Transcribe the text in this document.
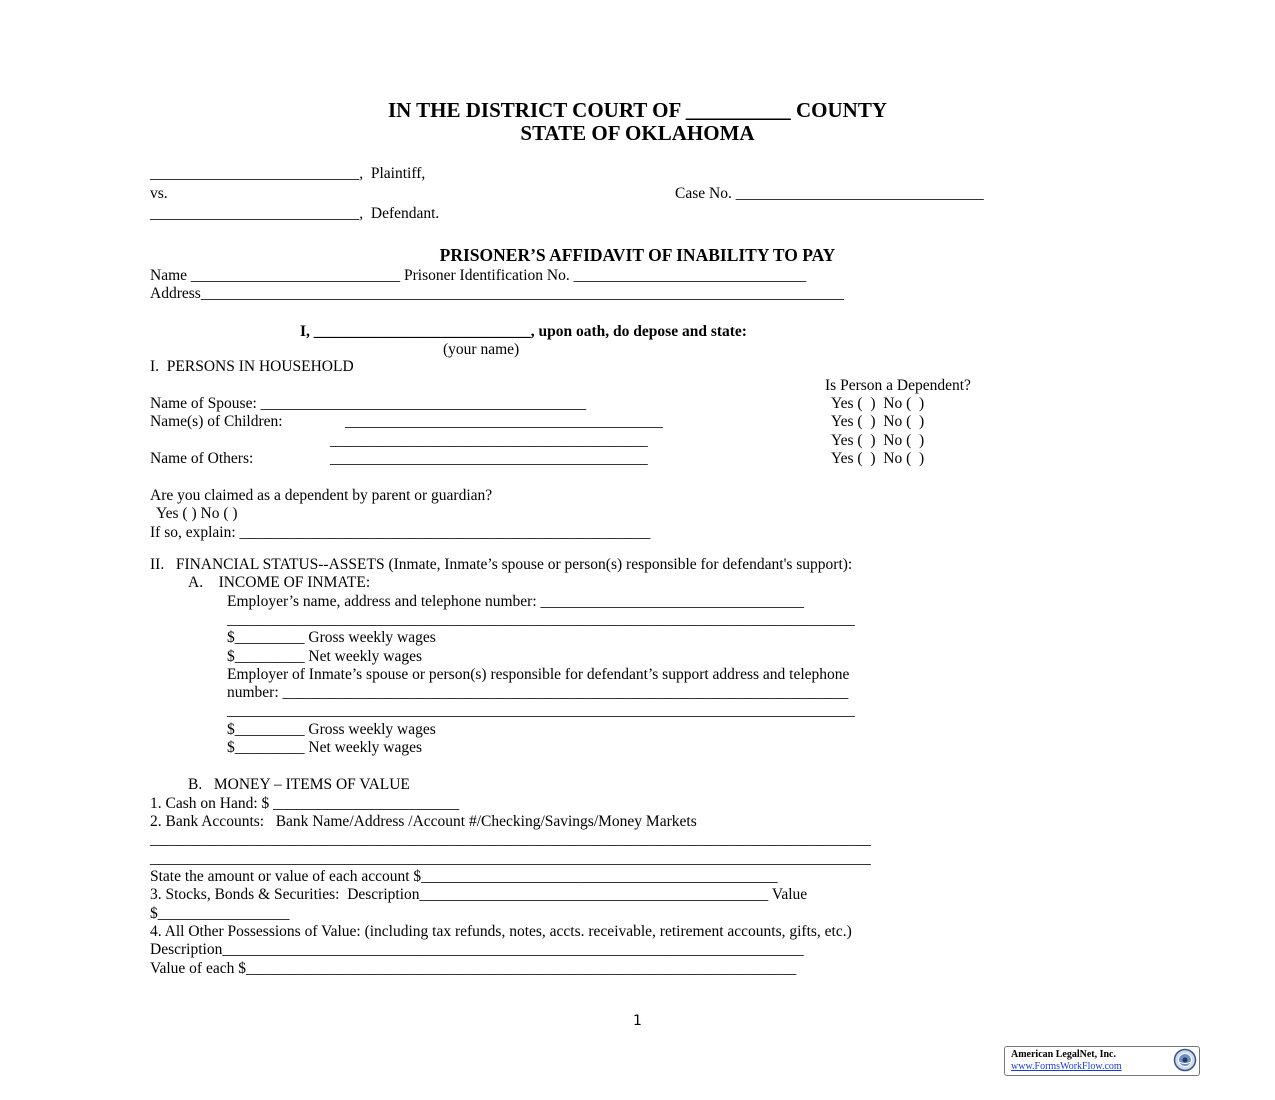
IN THE DISTRICT COURT OF __________ COUNTY
STATE OF OKLAHOMA
___________________________,  Plaintiff,
vs.	Case No. ________________________________
___________________________,  Defendant.
PRISONER’S AFFIDAVIT OF INABILITY TO PAY
Name ___________________________ Prisoner Identification No. ______________________________
Address___________________________________________________________________________________
I, ____________________________, upon oath, do depose and state:
(your name)
I.  PERSONS IN HOUSEHOLD
Is Person a Dependent?
Name of Spouse: __________________________________________	Yes (  )  No (  )
Name(s) of Children:	_________________________________________	Yes (  )  No (  )
_________________________________________	Yes (  )  No (  )
Name of Others:	_________________________________________	Yes (  )  No (  )
Are you claimed as a dependent by parent or guardian?
Yes ( ) No ( )
If so, explain: _____________________________________________________
II.   FINANCIAL STATUS--ASSETS (Inmate, Inmate’s spouse or person(s) responsible for defendant's support):
A.    INCOME OF INMATE:
Employer’s name, address and telephone number: __________________________________
_________________________________________________________________________________
$_________ Gross weekly wages
$_________ Net weekly wages
Employer of Inmate’s spouse or person(s) responsible for defendant’s support address and telephone
number: _________________________________________________________________________
_________________________________________________________________________________
$_________ Gross weekly wages
$_________ Net weekly wages
B.   MONEY – ITEMS OF VALUE
1. Cash on Hand: $ ________________________
2. Bank Accounts:   Bank Name/Address /Account #/Checking/Savings/Money Markets
_____________________________________________________________________________________________
_____________________________________________________________________________________________
State the amount or value of each account $______________________________________________
3. Stocks, Bonds & Securities:  Description_____________________________________________ Value
$_________________
4. All Other Possessions of Value: (including tax refunds, notes, accts. receivable, retirement accounts, gifts, etc.)
Description___________________________________________________________________________
Value of each $_______________________________________________________________________
1
American LegalNet, Inc.
www.FormsWorkFlow.com
